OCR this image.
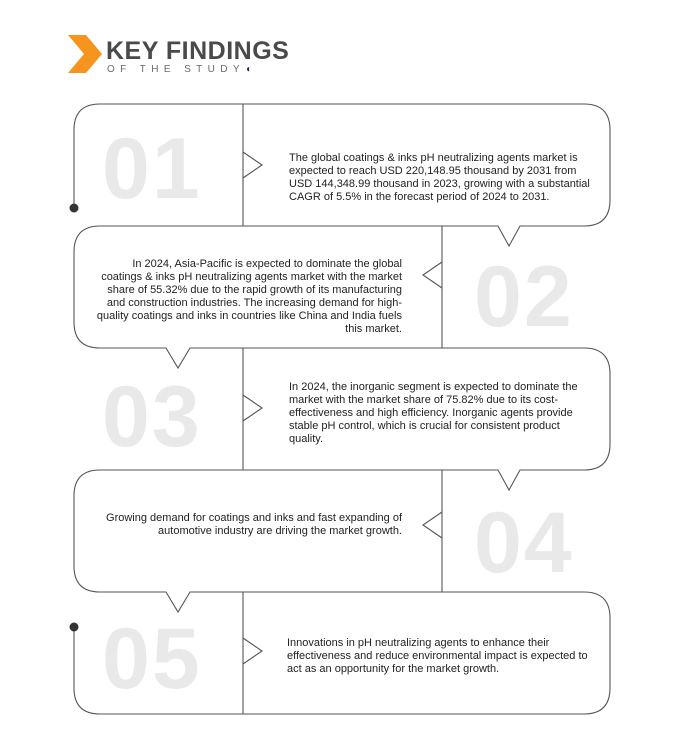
KEY FINDINGS
OF THE STUDY◖
01
02
03
04
05
The global coatings & inks pH neutralizing agents market is expected to reach USD 220,148.95 thousand by 2031 from USD 144,348.99 thousand in 2023, growing with a substantial CAGR of 5.5% in the forecast period of 2024 to 2031.
In 2024, Asia-Pacific is expected to dominate the global coatings & inks pH neutralizing agents market with the market share of 55.32% due to the rapid growth of its manufacturing and construction industries. The increasing demand for high-quality coatings and inks in countries like China and India fuels this market.
In 2024, the inorganic segment is expected to dominate the market with the market share of 75.82% due to its cost-effectiveness and high efficiency. Inorganic agents provide stable pH control, which is crucial for consistent product quality.
Growing demand for coatings and inks and fast expanding of automotive industry are driving the market growth.
Innovations in pH neutralizing agents to enhance their effectiveness and reduce environmental impact is expected to act as an opportunity for the market growth.
